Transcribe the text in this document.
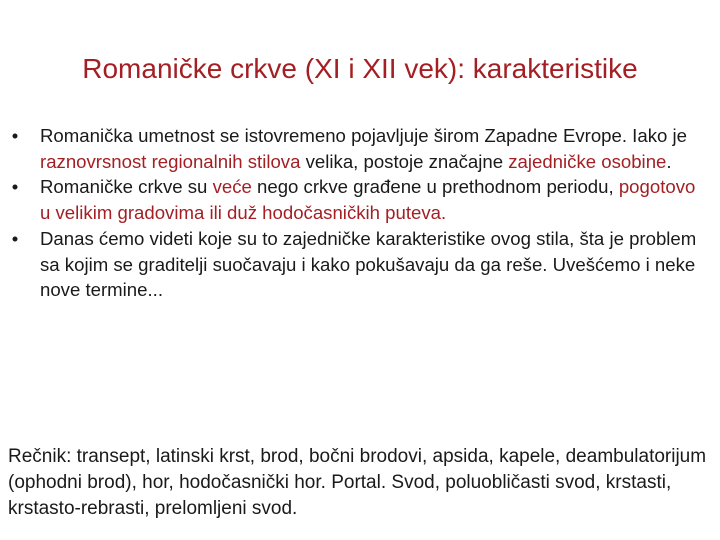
Romaničke crkve (XI i XII vek): karakteristike
• Romanička umetnost se istovremeno pojavljuje širom Zapadne Evrope. Iako je raznovrsnost regionalnih stilova velika, postoje značajne zajedničke osobine.
• Romaničke crkve su veće nego crkve građene u prethodnom periodu, pogotovo u velikim gradovima ili duž hodočasničkih puteva.
• Danas ćemo videti koje su to zajedničke karakteristike ovog stila, šta je problem sa kojim se graditelji suočavaju i kako pokušavaju da ga reše. Uvešćemo i neke nove termine...

Rečnik: transept, latinski krst, brod, bočni brodovi, apsida, kapele, deambulatorijum (ophodni brod), hor, hodočasnički hor. Portal. Svod, poluobličasti svod, krstasti, krstasto-rebrasti, prelomljeni svod.
